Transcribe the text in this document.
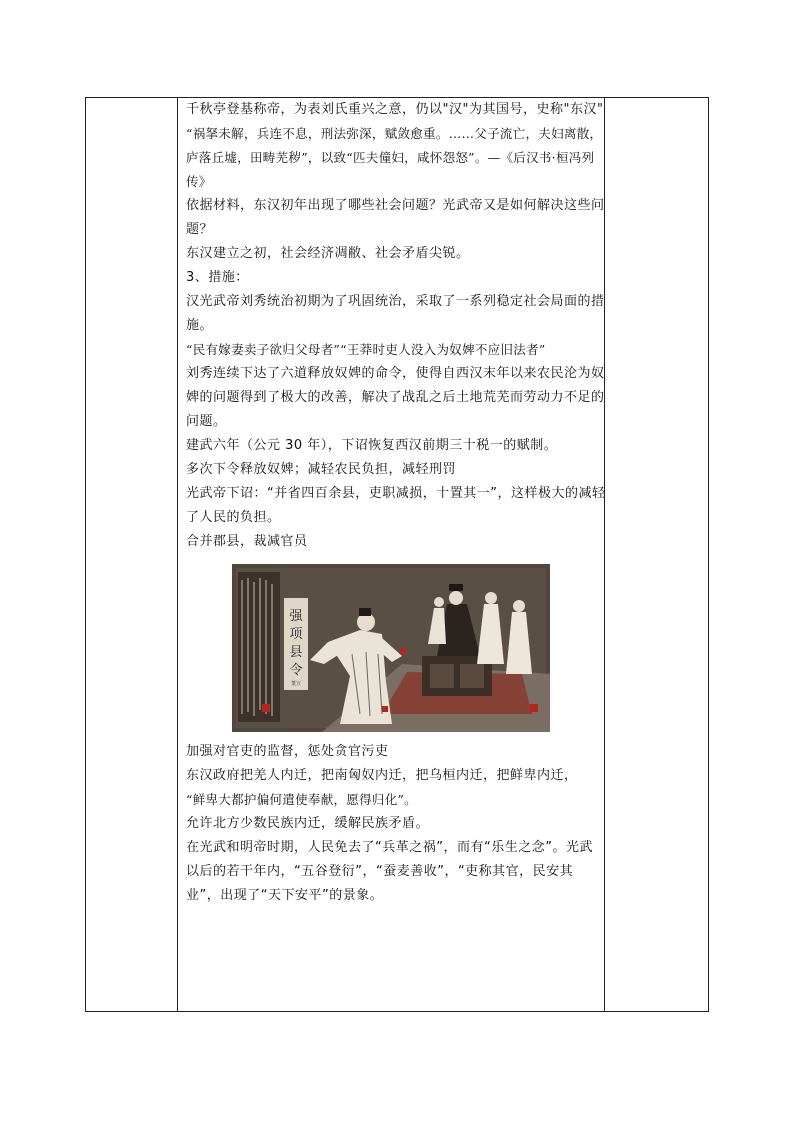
千秋亭登基称帝，为表刘氏重兴之意，仍以"汉"为其国号，史称"东汉"

“祸拏未解，兵连不息，刑法弥深，赋敛愈重。……父子流亡，夫妇离散，庐落丘墟，田畴芜秽”，以致“匹夫僮妇，咸怀怨怒”。—《后汉书·桓冯列传》

依据材料，东汉初年出现了哪些社会问题？光武帝又是如何解决这些问题？

东汉建立之初，社会经济凋敝、社会矛盾尖锐。

3、措施：

汉光武帝刘秀统治初期为了巩固统治，采取了一系列稳定社会局面的措施。

“民有嫁妻卖子欲归父母者”“王莽时吏人没入为奴婢不应旧法者”

刘秀连续下达了六道释放奴婢的命令，使得自西汉末年以来农民沦为奴婢的问题得到了极大的改善，解决了战乱之后土地荒芜而劳动力不足的问题。

建武六年（公元 30 年），下诏恢复西汉前期三十税一的赋制。

多次下令释放奴婢；减轻农民负担，减轻刑罚

光武帝下诏：“并省四百余县，吏职减损，十置其一”，这样极大的减轻了人民的负担。

合并郡县，裁减官员

强
项
县
令
董宣

加强对官吏的监督，惩处贪官污吏

东汉政府把羌人内迁，把南匈奴内迁，把乌桓内迁，把鲜卑内迁，

“鲜卑大都护偏何遣使奉献，愿得归化”。

允许北方少数民族内迁，缓解民族矛盾。

在光武和明帝时期，人民免去了“兵革之祸”，而有“乐生之念”。光武以后的若干年内，“五谷登衍”，“蚕麦善收”，“吏称其官，民安其业”，出现了“天下安平”的景象。
